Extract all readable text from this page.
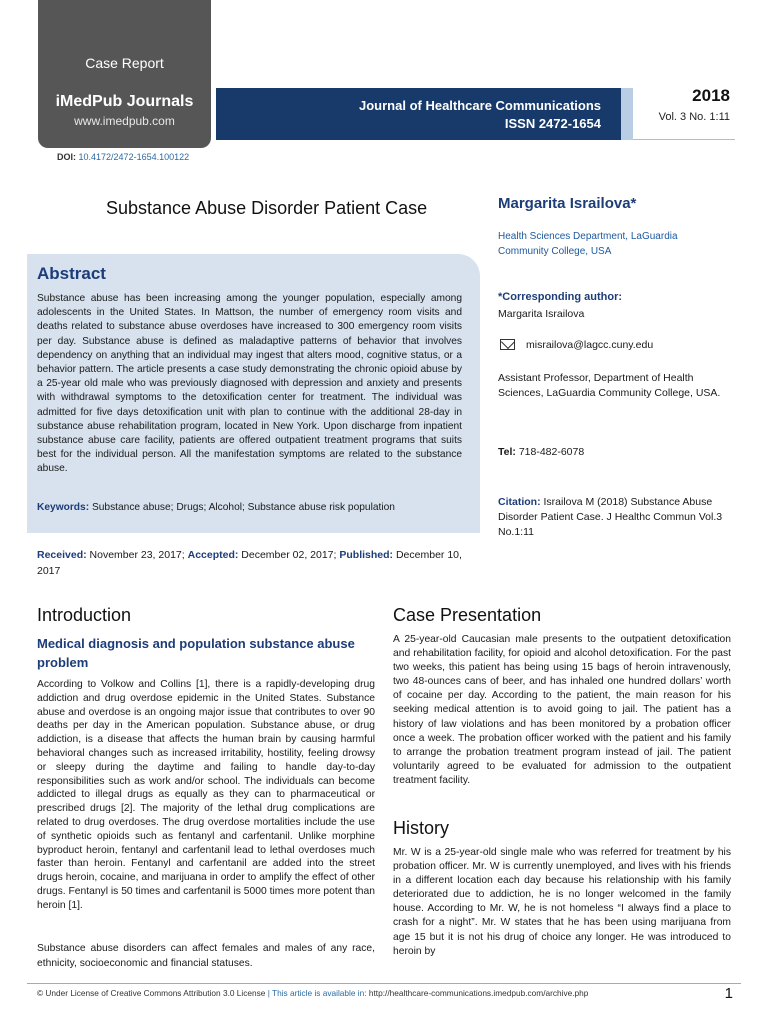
Case Report
iMedPub Journals
www.imedpub.com
DOI: 10.4172/2472-1654.100122
Journal of Healthcare Communications
ISSN 2472-1654
2018
Vol. 3 No. 1:11
Substance Abuse Disorder Patient Case
Abstract
Substance abuse has been increasing among the younger population, especially among adolescents in the United States. In Mattson, the number of emergency room visits and deaths related to substance abuse overdoses have increased to 300 emergency room visits per day. Substance abuse is defined as maladaptive patterns of behavior that involves dependency on anything that an individual may ingest that alters mood, cognitive status, or a behavior pattern. The article presents a case study demonstrating the chronic opioid abuse by a 25-year old male who was previously diagnosed with depression and anxiety and presents with withdrawal symptoms to the detoxification center for treatment. The individual was admitted for five days detoxification unit with plan to continue with the additional 28-day in substance abuse rehabilitation program, located in New York. Upon discharge from inpatient substance abuse care facility, patients are offered outpatient treatment programs that suits best for the individual person. All the manifestation symptoms are related to the substance abuse.
Keywords: Substance abuse; Drugs; Alcohol; Substance abuse risk population
Received: November 23, 2017; Accepted: December 02, 2017; Published: December 10, 2017
Margarita Israilova*
Health Sciences Department, LaGuardia Community College, USA
*Corresponding author:
Margarita Israilova
misrailova@lagcc.cuny.edu
Assistant Professor, Department of Health Sciences, LaGuardia Community College, USA.
Tel: 718-482-6078
Citation: Israilova M (2018) Substance Abuse Disorder Patient Case. J Healthc Commun Vol.3 No.1:11
Introduction
Medical diagnosis and population substance abuse problem
According to Volkow and Collins [1], there is a rapidly-developing drug addiction and drug overdose epidemic in the United States. Substance abuse and overdose is an ongoing major issue that contributes to over 90 deaths per day in the American population. Substance abuse, or drug addiction, is a disease that affects the human brain by causing harmful behavioral changes such as increased irritability, hostility, feeling drowsy or sleepy during the daytime and failing to handle day-to-day responsibilities such as work and/or school. The individuals can become addicted to illegal drugs as equally as they can to pharmaceutical or prescribed drugs [2]. The majority of the lethal drug complications are related to drug overdoses. The drug overdose mortalities include the use of synthetic opioids such as fentanyl and carfentanil. Unlike morphine byproduct heroin, fentanyl and carfentanil lead to lethal overdoses much faster than heroin. Fentanyl and carfentanil are added into the street drugs heroin, cocaine, and marijuana in order to amplify the effect of other drugs. Fentanyl is 50 times and carfentanil is 5000 times more potent than heroin [1].
Substance abuse disorders can affect females and males of any race, ethnicity, socioeconomic and financial statuses.
Case Presentation
A 25-year-old Caucasian male presents to the outpatient detoxification and rehabilitation facility, for opioid and alcohol detoxification. For the past two weeks, this patient has being using 15 bags of heroin intravenously, two 48-ounces cans of beer, and has inhaled one hundred dollars’ worth of cocaine per day. According to the patient, the main reason for his seeking medical attention is to avoid going to jail. The patient has a history of law violations and has been monitored by a probation officer once a week. The probation officer worked with the patient and his family to arrange the probation treatment program instead of jail. The patient voluntarily agreed to be evaluated for admission to the outpatient treatment facility.
History
Mr. W is a 25-year-old single male who was referred for treatment by his probation officer. Mr. W is currently unemployed, and lives with his friends in a different location each day because his relationship with his family deteriorated due to addiction, he is no longer welcomed in the family house. According to Mr. W, he is not homeless “I always find a place to crash for a night”. Mr. W states that he has been using marijuana from age 15 but it is not his drug of choice any longer. He was introduced to heroin by
© Under License of Creative Commons Attribution 3.0 License | This article is available in: http://healthcare-communications.imedpub.com/archive.php	1
